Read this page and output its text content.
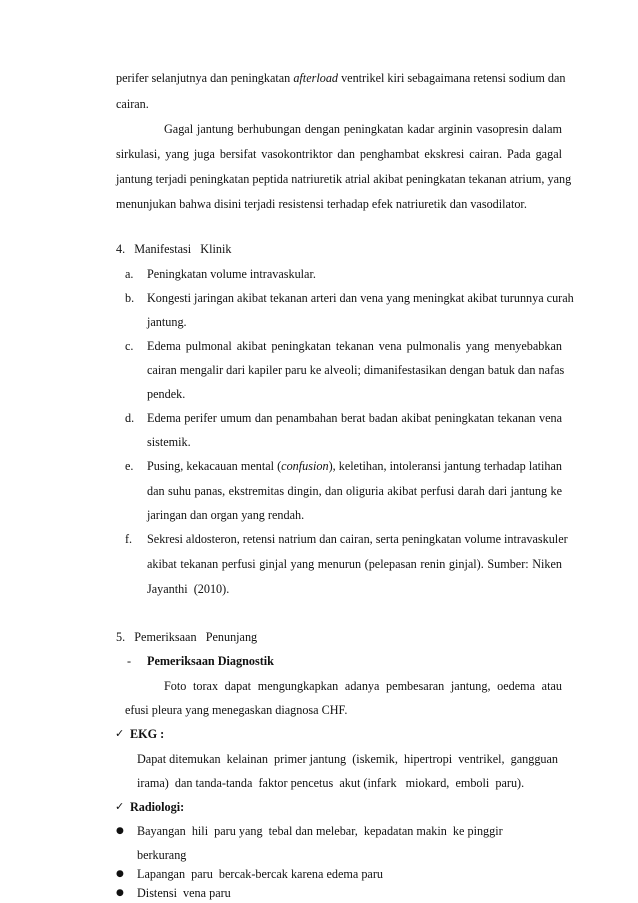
perifer selanjutnya dan peningkatan afterload ventrikel kiri sebagaimana retensi sodium dan
cairan.
Gagal jantung berhubungan dengan peningkatan kadar arginin vasopresin dalam
sirkulasi, yang juga bersifat vasokontriktor dan penghambat ekskresi cairan. Pada gagal
jantung terjadi peningkatan peptida natriuretik atrial akibat peningkatan tekanan atrium, yang
menunjukan bahwa disini terjadi resistensi terhadap efek natriuretik dan vasodilator.
4.   Manifestasi   Klinik
a. Peningkatan volume intravaskular.
b. Kongesti jaringan akibat tekanan arteri dan vena yang meningkat akibat turunnya curah
jantung.
c. Edema pulmonal akibat peningkatan tekanan vena pulmonalis yang menyebabkan
cairan mengalir dari kapiler paru ke alveoli; dimanifestasikan dengan batuk dan nafas
pendek.
d. Edema perifer umum dan penambahan berat badan akibat peningkatan tekanan vena
sistemik.
e. Pusing, kekacauan mental (confusion), keletihan, intoleransi jantung terhadap latihan
dan suhu panas, ekstremitas dingin, dan oliguria akibat perfusi darah dari jantung ke
jaringan dan organ yang rendah.
f. Sekresi aldosteron, retensi natrium dan cairan, serta peningkatan volume intravaskuler
akibat tekanan perfusi ginjal yang menurun (pelepasan renin ginjal). Sumber: Niken
Jayanthi  (2010).
5.   Pemeriksaan   Penunjang
- Pemeriksaan Diagnostik
Foto torax dapat mengungkapkan adanya pembesaran jantung, oedema atau
efusi pleura yang menegaskan diagnosa CHF.
✓ EKG :
Dapat ditemukan  kelainan  primer jantung  (iskemik,  hipertropi  ventrikel,  gangguan
irama)  dan tanda-tanda  faktor pencetus  akut (infark   miokard,  emboli  paru).
✓ Radiologi:
● Bayangan  hili  paru yang  tebal dan melebar,  kepadatan makin  ke pinggir
berkurang
● Lapangan  paru  bercak-bercak karena edema paru
● Distensi  vena paru
